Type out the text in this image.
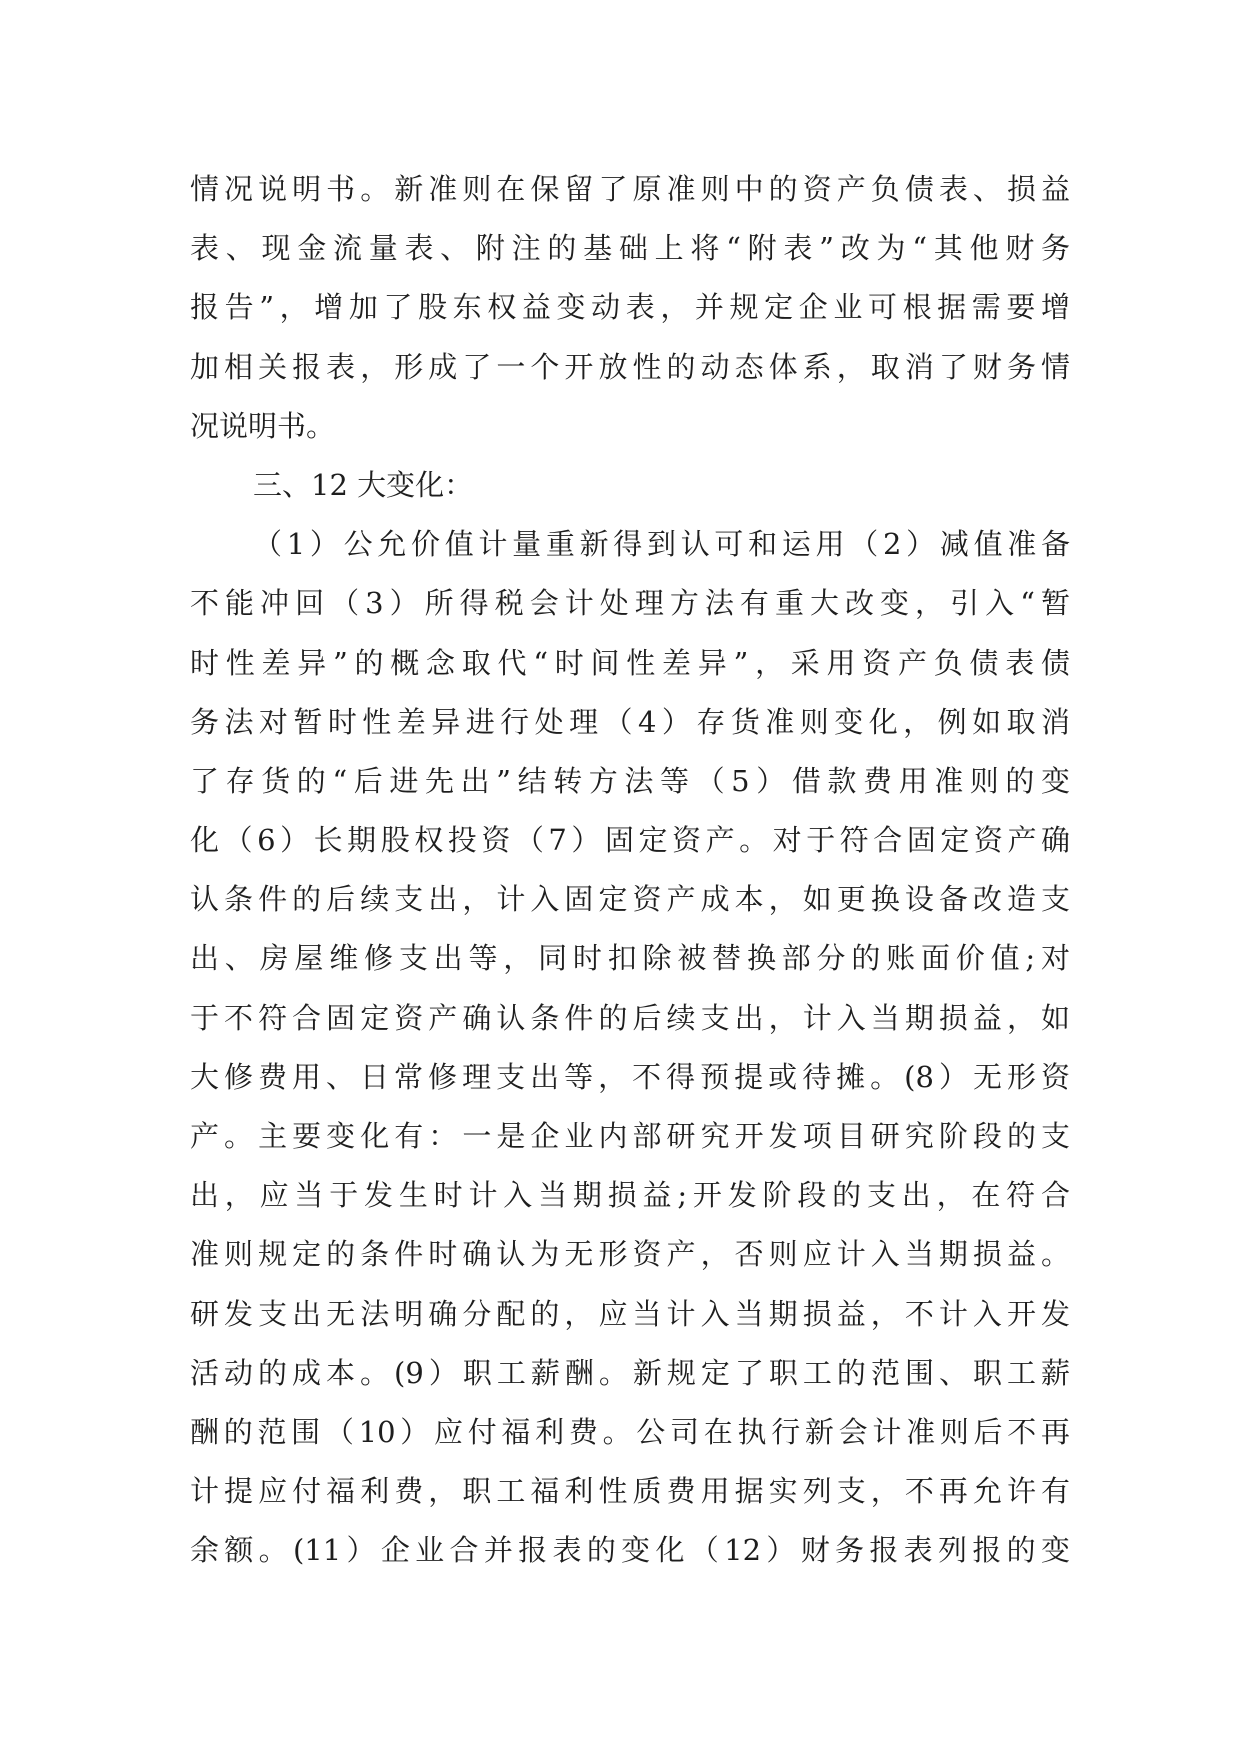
情况说明书。新准则在保留了原准则中的资产负债表、损益
表、现金流量表、附注的基础上将“附表”改为“其他财务
报告”，增加了股东权益变动表，并规定企业可根据需要增
加相关报表，形成了一个开放性的动态体系，取消了财务情
况说明书。
三、12 大变化：
（1）公允价值计量重新得到认可和运用（2）减值准备
不能冲回（3）所得税会计处理方法有重大改变，引入“暂
时性差异”的概念取代“时间性差异”，采用资产负债表债
务法对暂时性差异进行处理（4）存货准则变化，例如取消
了存货的“后进先出”结转方法等（5）借款费用准则的变
化（6）长期股权投资（7）固定资产。对于符合固定资产确
认条件的后续支出，计入固定资产成本，如更换设备改造支
出、房屋维修支出等，同时扣除被替换部分的账面价值;对
于不符合固定资产确认条件的后续支出，计入当期损益，如
大修费用、日常修理支出等，不得预提或待摊。(8）无形资
产。主要变化有：一是企业内部研究开发项目研究阶段的支
出，应当于发生时计入当期损益;开发阶段的支出，在符合
准则规定的条件时确认为无形资产，否则应计入当期损益。
研发支出无法明确分配的，应当计入当期损益，不计入开发
活动的成本。(9）职工薪酬。新规定了职工的范围、职工薪
酬的范围（10）应付福利费。公司在执行新会计准则后不再
计提应付福利费，职工福利性质费用据实列支，不再允许有
余额。(11）企业合并报表的变化（12）财务报表列报的变
